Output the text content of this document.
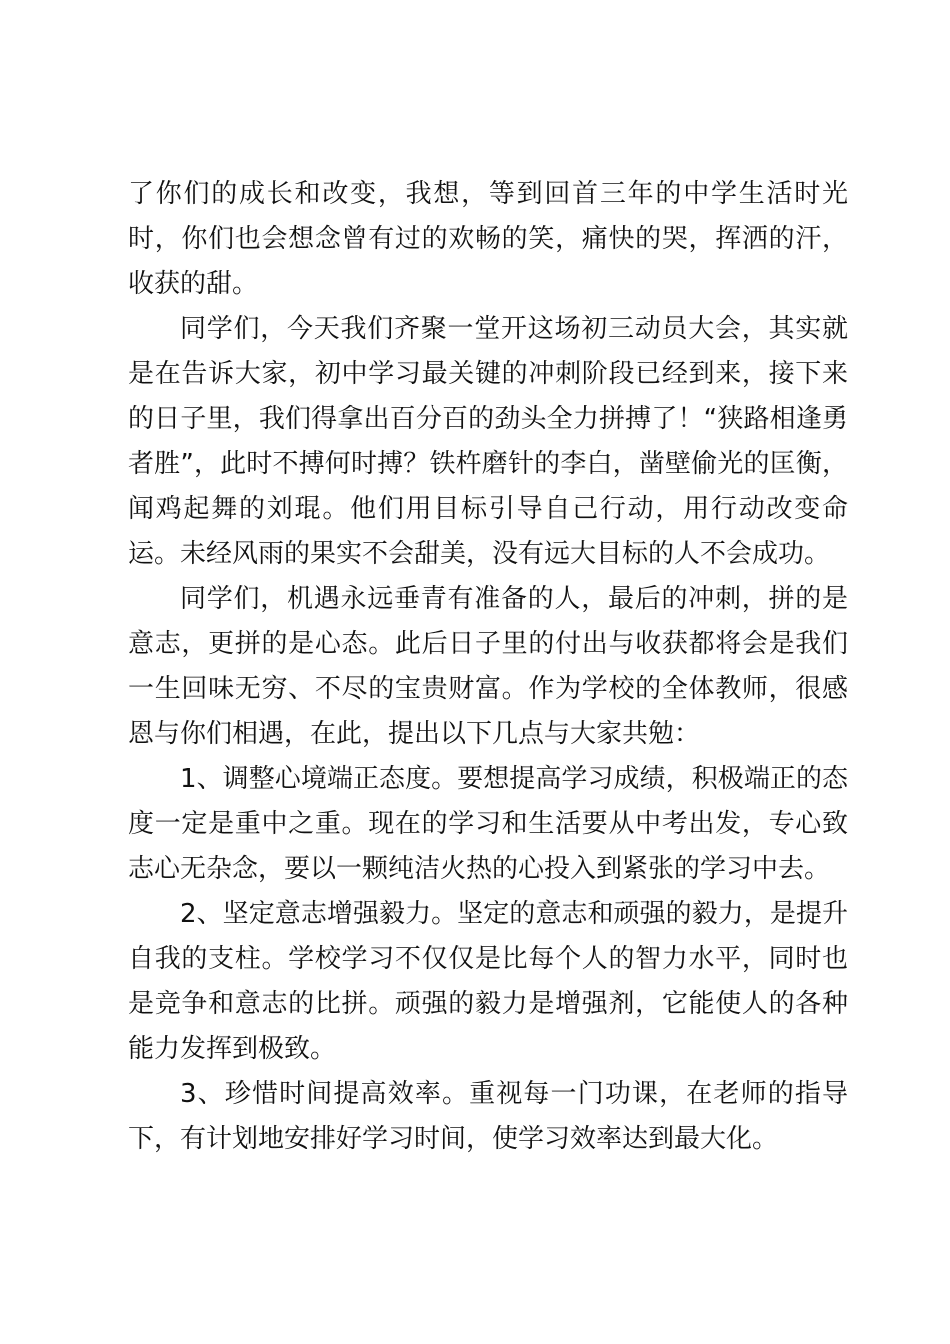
了你们的成长和改变，我想，等到回首三年的中学生活时光时，你们也会想念曾有过的欢畅的笑，痛快的哭，挥洒的汗，收获的甜。

同学们，今天我们齐聚一堂开这场初三动员大会，其实就是在告诉大家，初中学习最关键的冲刺阶段已经到来，接下来的日子里，我们得拿出百分百的劲头全力拼搏了！“狭路相逢勇者胜”，此时不搏何时搏？铁杵磨针的李白，凿壁偷光的匡衡，闻鸡起舞的刘琨。他们用目标引导自己行动，用行动改变命运。未经风雨的果实不会甜美，没有远大目标的人不会成功。

同学们，机遇永远垂青有准备的人，最后的冲刺，拼的是意志，更拼的是心态。此后日子里的付出与收获都将会是我们一生回味无穷、不尽的宝贵财富。作为学校的全体教师，很感恩与你们相遇，在此，提出以下几点与大家共勉：

1、调整心境端正态度。要想提高学习成绩，积极端正的态度一定是重中之重。现在的学习和生活要从中考出发，专心致志心无杂念，要以一颗纯洁火热的心投入到紧张的学习中去。

2、坚定意志增强毅力。坚定的意志和顽强的毅力，是提升自我的支柱。学校学习不仅仅是比每个人的智力水平，同时也是竞争和意志的比拼。顽强的毅力是增强剂，它能使人的各种能力发挥到极致。

3、珍惜时间提高效率。重视每一门功课，在老师的指导下，有计划地安排好学习时间，使学习效率达到最大化。
